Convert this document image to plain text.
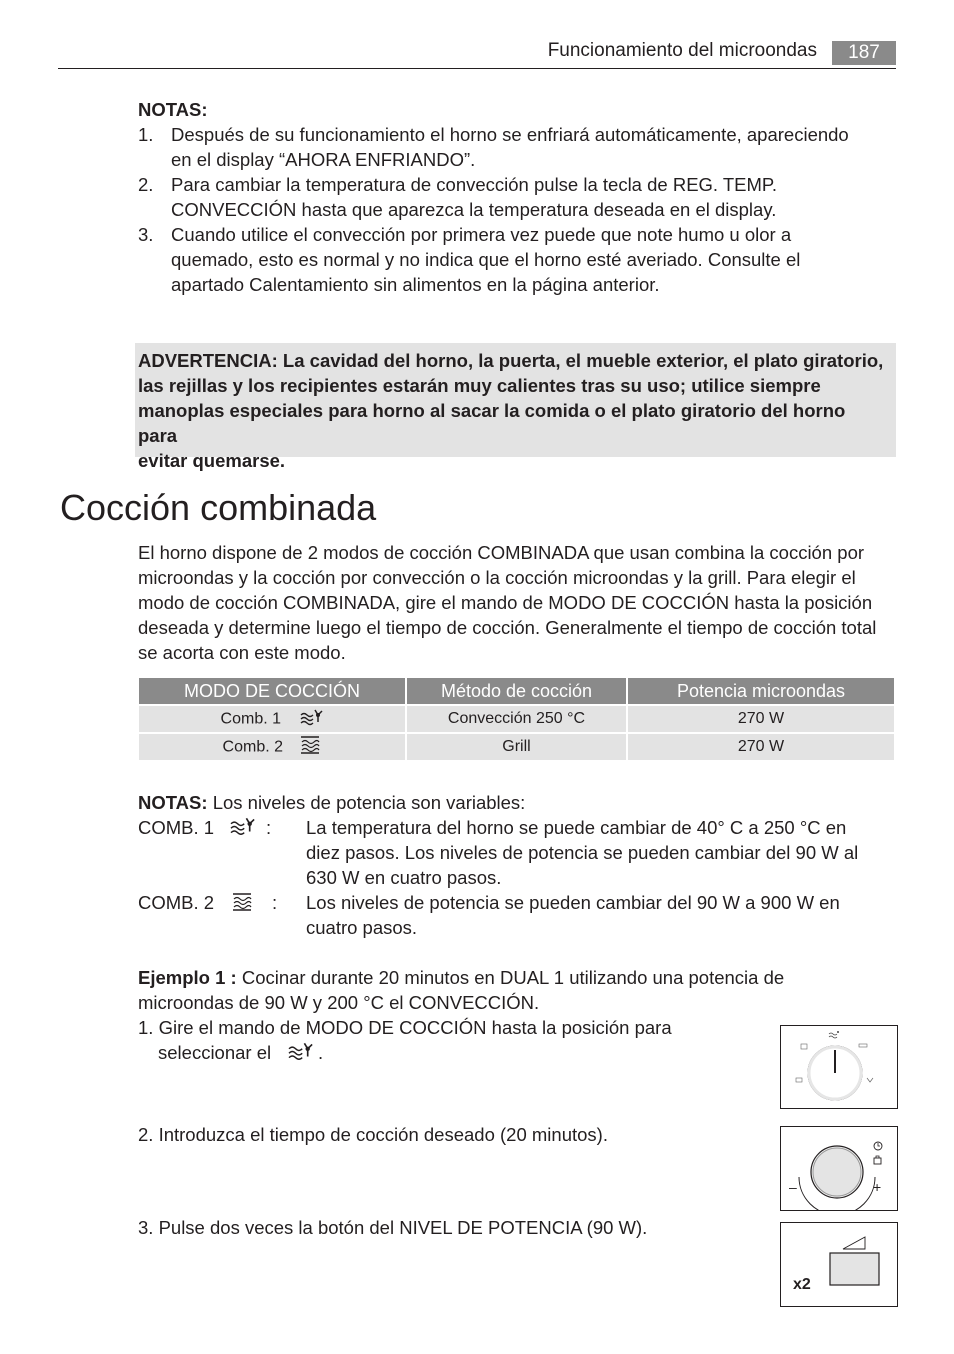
Funcionamiento del microondas	187
NOTAS:
1. Después de su funcionamiento el horno se enfriará automáticamente, apareciendo
en el display “AHORA ENFRIANDO”.
2. Para cambiar la temperatura de convección pulse la tecla de REG. TEMP.
CONVECCIÓN hasta que aparezca la temperatura deseada en el display.
3. Cuando utilice el convección por primera vez puede que note humo u olor a
quemado, esto es normal y no indica que el horno esté averiado. Consulte el
apartado Calentamiento sin alimentos en la página anterior.
ADVERTENCIA: La cavidad del horno, la puerta, el mueble exterior, el plato giratorio,
las rejillas y los recipientes estarán muy calientes tras su uso; utilice siempre
manoplas especiales para horno al sacar la comida o el plato giratorio del horno para
evitar quemarse.
Cocción combinada
El horno dispone de 2 modos de cocción COMBINADA que usan combina la cocción por
microondas y la cocción por convección o la cocción microondas y la grill. Para elegir el
modo de cocción COMBINADA, gire el mando de MODO DE COCCIÓN hasta la posición
deseada y determine luego el tiempo de cocción. Generalmente el tiempo de cocción total
se acorta con este modo.
MODO DE COCCIÓN	Método de cocción	Potencia microondas
Comb. 1	Convección 250 °C	270 W
Comb. 2	Grill	270 W
NOTAS: Los niveles de potencia son variables:
COMB. 1	: La temperatura del horno se puede cambiar de 40° C a 250 °C en
diez pasos. Los niveles de potencia se pueden cambiar del 90 W al
630 W en cuatro pasos.
COMB. 2	: Los niveles de potencia se pueden cambiar del 90 W a 900 W en
cuatro pasos.
Ejemplo 1 : Cocinar durante 20 minutos en DUAL 1 utilizando una potencia de
microondas de 90 W y 200 °C el CONVECCIÓN.
1. Gire el mando de MODO DE COCCIÓN hasta la posición para
seleccionar el	.
2. Introduzca el tiempo de cocción deseado (20 minutos).
3. Pulse dos veces la botón del NIVEL DE POTENCIA (90 W).
–	+
x2
